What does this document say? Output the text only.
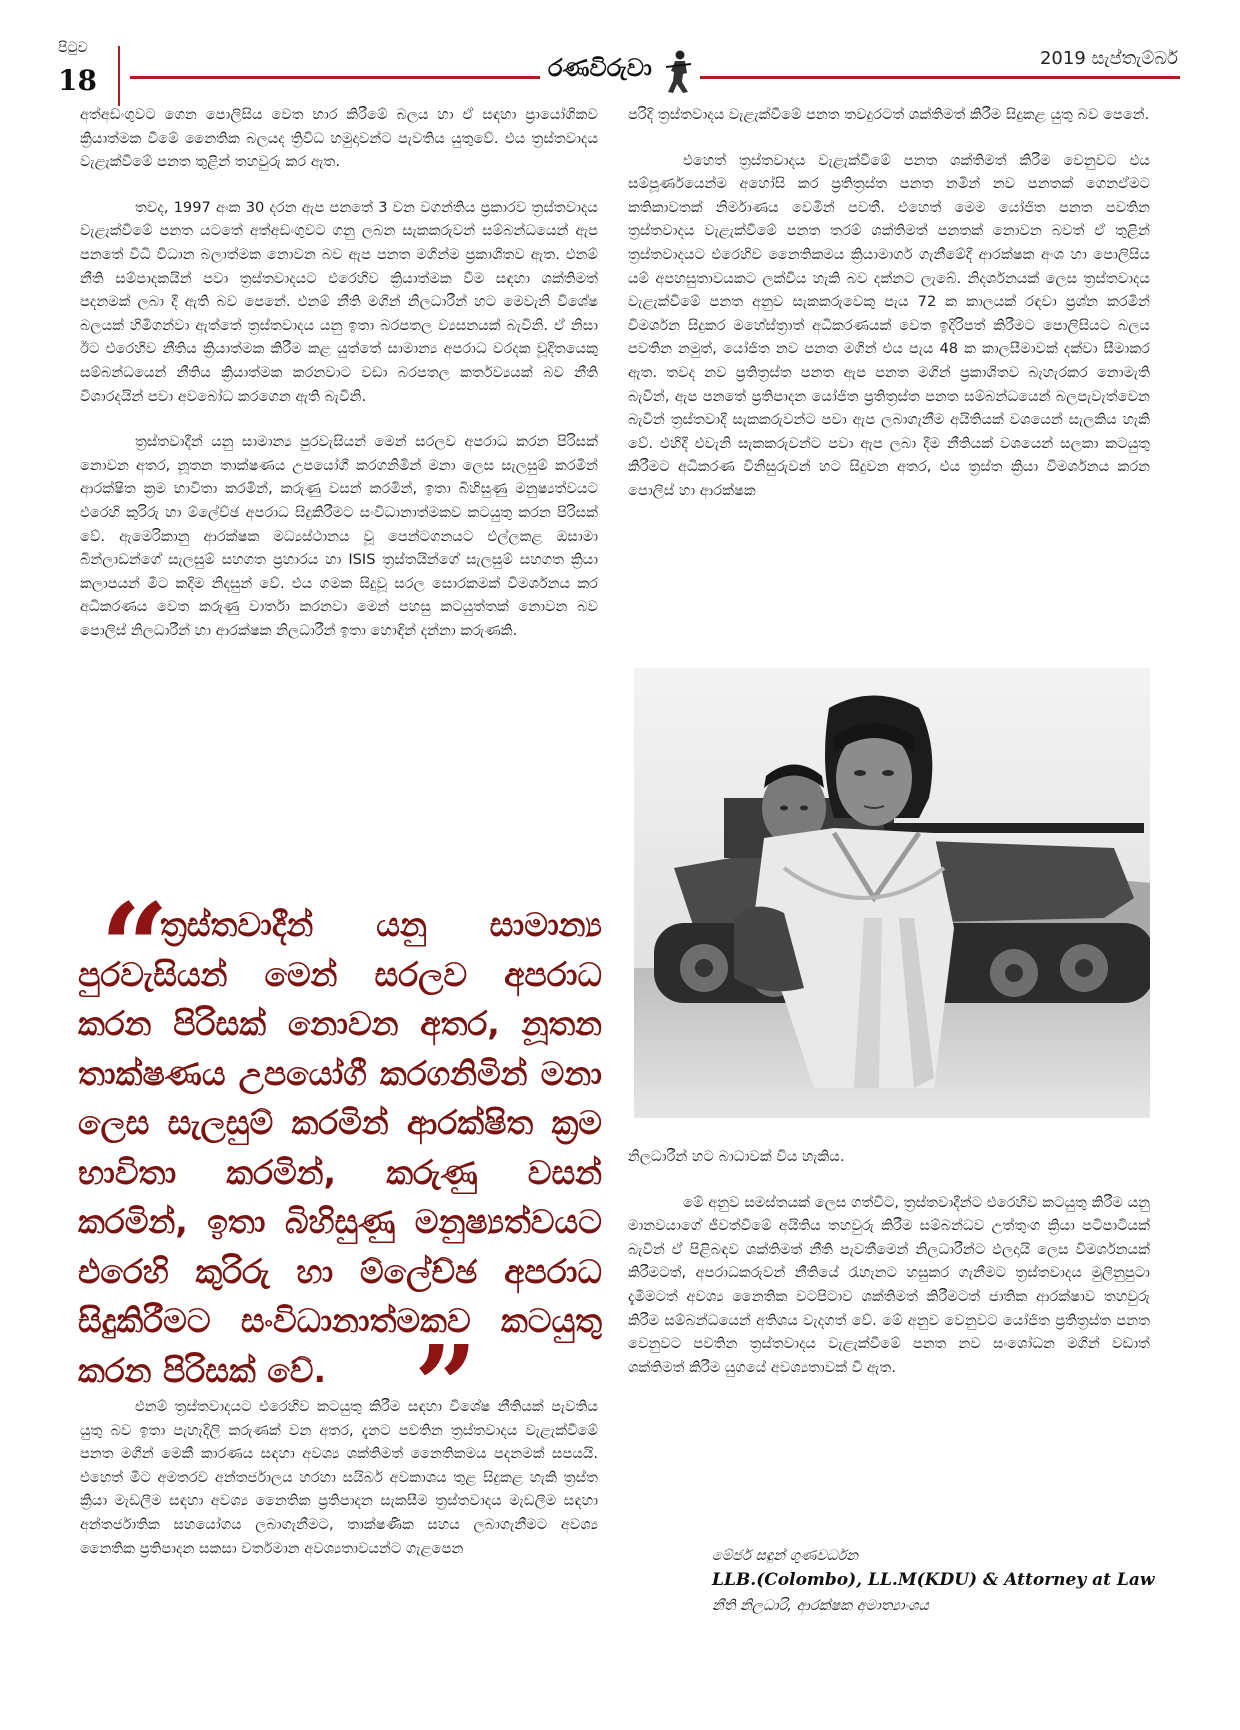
පිටුව
18	රණවිරුවා	2019 සැප්තැම්බර්

අත්අඩංගුවට ගෙන පොලිසිය වෙත භාර කිරීමේ බලය හා ඒ සඳහා ප්‍රායෝගිකව ක්‍රියාත්මක වීමේ නෛතික බලයද ත්‍රිවිධ හමුදාවන්ට පැවතිය යුතුවේ. එය ත්‍රස්තවාදය වැළැක්වීමේ පනත තුළින් තහවුරු කර ඇත.

තවද, 1997 අංක 30 දරන ඇප පනතේ 3 වන වගන්තිය ප්‍රකාරව ත්‍රස්තවාදය වැළැක්වීමේ පනත යටතේ අත්අඩංගුවට ගනු ලබන සැකකරුවන් සම්බන්ධයෙන් ඇප පනතේ විධි විධාන බලාත්මක නොවන බව ඇප පනත මගින්ම ප්‍රකාශිතව ඇත. එනම් නීති සම්පාදකයින් පවා ත්‍රස්තවාදයට එරෙහිව ක්‍රියාත්මක වීම සඳහා ශක්තිමත් පදනමක් ලබා දී ඇති බව පෙනේ. එනම් නීති මගින් නිලධාරීන් හට මෙවැනි විශේෂ බලයක් හිමිගන්වා ඇත්තේ ත්‍රස්තවාදය යනු ඉතා බරපතල ව්‍යසනයක් බැවිනි. ඒ නිසා ඊට එරෙහිව නීතිය ක්‍රියාත්මක කිරීම කළ යුත්තේ සාමාන්‍ය අපරාධ වරදක චූදිතයෙකු සම්බන්ධයෙන් නීතිය ක්‍රියාත්මක කරනවාට වඩා බරපතල කර්තව්‍යයක් බව නීති විශාරදයින් පවා අවබෝධ කරගෙන ඇති බැවිනි.

ත්‍රස්තවාදීන් යනු සාමාන්‍ය පුරවැසියන් මෙන් සරලව අපරාධ කරන පිරිසක් නොවන අතර, නූතන තාක්ෂණය උපයෝගී කරගනිමින් මනා ලෙස සැලසුම් කරමින් ආරක්ෂිත ක්‍රම භාවිතා කරමින්, කරුණු වසන් කරමින්, ඉතා බිහිසුණු මනුෂ්‍යත්වයට එරෙහි කුරිරු හා ම්ලේච්ඡ අපරාධ සිදුකිරීමට සංවිධානාත්මකව කටයුතු කරන පිරිසක් වේ. ඇමෙරිකානු ආරක්ෂක මධ්‍යස්ථානය වූ පෙන්ටගනයට එල්ලකළ ඔසාමා බින්ලාඩන්ගේ සැලසුම් සහගත ප්‍රහාරය හා ISIS ත්‍රස්තයින්ගේ සැලසුම් සහගත ක්‍රියා කලාපයන් මීට කදිම නිදසුන් වේ. එය ගමක සිදුවූ සරල සොරකමක් විමර්ශනය කර අධිකරණය වෙත කරුණු වාර්තා කරනවා මෙන් පහසු කටයුත්තක් නොවන බව පොලිස් නිලධාරීන් හා ආරක්ෂක නිලධාරීන් ඉතා හොඳින් දන්නා කරුණකි.

“

ත්‍රස්තවාදීන් යනු සාමාන්‍ය පුරවැසියන් මෙන් සරලව අපරාධ කරන පිරිසක් නොවන අතර, නූතන තාක්ෂණය උපයෝගී කරගනිමින් මනා ලෙස සැලසුම් කරමින් ආරක්ෂිත ක්‍රම භාවිතා කරමින්, කරුණු වසන් කරමින්, ඉතා බිහිසුණු මනුෂ්‍යත්වයට එරෙහි කුරිරු හා ම්ලේච්ඡ අපරාධ සිදුකිරීමට සංවිධානාත්මකව කටයුතු කරන පිරිසක් වේ. ”

එනම් ත්‍රස්තවාදයට එරෙහිව කටයුතු කිරීම සඳහා විශේෂ නීතියක් පැවතිය යුතු බව ඉතා පැහැදිලි කරුණක් වන අතර, දැනට පවතින ත්‍රස්තවාදය වැළැක්වීමේ පනත මගින් මෙකී කාරණය සඳහා අවශ්‍ය ශක්තිමත් නෛතිකමය පදනමක් සපයයි. එහෙත් මීට අමතරව අන්තර්ජාලය හරහා සයිබර් අවකාශය තුළ සිදුකළ හැකි ත්‍රස්ත ක්‍රියා මැඩලීම සඳහා අවශ්‍ය නෛතික ප්‍රතිපාදන සැකසීම ත්‍රස්තවාදය මැඩලීම සඳහා අන්තර්ජාතික සහයෝගය ලබාගැනීමට, තාක්ෂණික සහය ලබාගැනීමට අවශ්‍ය නෛතික ප්‍රතිපාදන සකසා වර්තමාන අවශ්‍යතාවයන්ට ගැළපෙන

පරිදි ත්‍රස්තවාදය වැළැක්වීමේ පනත තවදුරටත් ශක්තිමත් කිරීම සිදුකළ යුතු බව පෙනේ.

එහෙත් ත්‍රස්තවාදය වැළැක්වීමේ පනත ශක්තිමත් කිරීම වෙනුවට එය සම්පූර්ණයෙන්ම අහෝසි කර ප්‍රතිත්‍රස්ත පනත නමින් නව පනතක් ගෙනඒමට කතිකාවතක් නිර්මාණය වෙමින් පවතී. එහෙත් මෙම යෝජිත පනත පවතින ත්‍රස්තවාදය වැළැක්වීමේ පනත තරම් ශක්තිමත් පනතක් නොවන බවත් ඒ තුළින් ත්‍රස්තවාදයට එරෙහිව නෛතිකමය ක්‍රියාමාර්ග ගැනීමේදී ආරක්ෂක අංශ හා පොලිසිය යම් අපහසුතාවයකට ලක්විය හැකි බව දක්නට ලැබේ. නිදර්ශනයක් ලෙස ත්‍රස්තවාදය වැළැක්වීමේ පනත අනුව සැකකරුවෙකු පැය 72 ක කාලයක් රඳවා ප්‍රශ්න කරමින් විමර්ශන සිදුකර මහේස්ත්‍රාත් අධිකරණයක් වෙත ඉදිරිපත් කිරීමට පොලිසියට බලය පවතින නමුත්, යෝජිත නව පනත මගින් එය පැය 48 ක කාලසීමාවක් දක්වා සීමාකර ඇත. තවද නව ප්‍රතිත්‍රස්ත පනත ඇප පනත මගින් ප්‍රකාශිතව බැහැරකර නොමැති බැවින්, ඇප පනතේ ප්‍රතිපාදන යෝජිත ප්‍රතිත්‍රස්ත පනත සම්බන්ධයෙන් බලපැවැත්වෙන බැවින් ත්‍රස්තවාදී සැකකරුවන්ට පවා ඇප ලබාගැනීම අයිතියක් වශයෙන් සැලකිය හැකි වේ. එහිදී එවැනි සැකකරුවන්ට පවා ඇප ලබා දීම නීතියක් වශයෙන් සලකා කටයුතු කිරීමට අධිකරණ විනිසුරුවන් හට සිදුවන අතර, එය ත්‍රස්ත ක්‍රියා විමර්ශනය කරන පොලිස් හා ආරක්ෂක

නිලධාරීන් හට බාධාවක් විය හැකිය.

මේ අනුව සමස්තයක් ලෙස ගත්විට, ත්‍රස්තවාදීන්ට එරෙහිව කටයුතු කිරීම යනු මානවයාගේ ජීවත්වීමේ අයිතිය තහවුරු කිරීම සම්බන්ධව උත්තුංග ක්‍රියා පටිපාටියක් බැවින් ඒ පිළිබඳව ශක්තිමත් නීති පැවතීමෙන් නිලධාරීන්ට ඵලදායි ලෙස විමර්ශනයක් කිරීමටත්, අපරාධකරුවන් නීතියේ රැහැනට හසුකර ගැනීමට ත්‍රස්තවාදය මුලිනුපුටා දැමීමටත් අවශ්‍ය නෛතික වටපිටාව ශක්තිමත් කිරීමටත් ජාතික ආරක්ෂාව තහවුරු කිරීම සම්බන්ධයෙන් අතිශය වැදගත් වේ. මේ අනුව වෙනුවට යෝජිත ප්‍රතිත්‍රස්ත පනත වෙනුවට පවතින ත්‍රස්තවාදය වැළැක්වීමේ පනත නව සංශෝධන මගින් වඩාත් ශක්තිමත් කිරීම යුගයේ අවශ්‍යතාවක් වී ඇත.

මේජර් සඳුන් ගුණවර්ධන

LLB.(Colombo), LL.M(KDU) & Attorney at Law

නීති නිලධාරි, ආරක්ෂක අමාත්‍යාංශය
